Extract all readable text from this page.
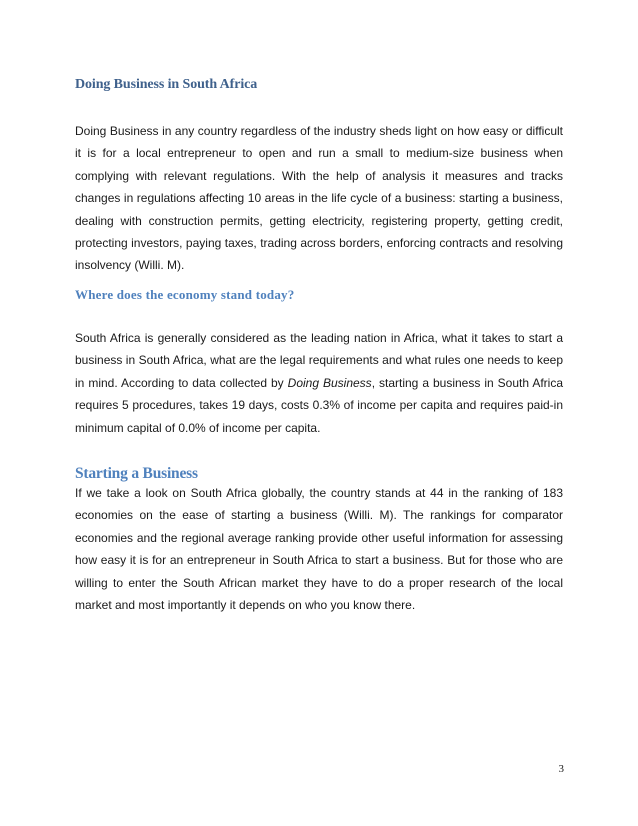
Doing Business in South Africa

Doing Business in any country regardless of the industry sheds light on how easy or difficult it is for a local entrepreneur to open and run a small to medium-size business when complying with relevant regulations. With the help of analysis it measures and tracks changes in regulations affecting 10 areas in the life cycle of a business: starting a business, dealing with construction permits, getting electricity, registering property, getting credit, protecting investors, paying taxes, trading across borders, enforcing contracts and resolving insolvency (Willi. M).

Where does the economy stand today?

South Africa is generally considered as the leading nation in Africa, what it takes to start a business in South Africa, what are the legal requirements and what rules one needs to keep in mind. According to data collected by Doing Business, starting a business in South Africa requires 5 procedures, takes 19 days, costs 0.3% of income per capita and requires paid-in minimum capital of 0.0% of income per capita.

Starting a Business

If we take a look on South Africa globally, the country stands at 44 in the ranking of 183 economies on the ease of starting a business (Willi. M). The rankings for comparator economies and the regional average ranking provide other useful information for assessing how easy it is for an entrepreneur in South Africa to start a business. But for those who are willing to enter the South African market they have to do a proper research of the local market and most importantly it depends on who you know there.

3
